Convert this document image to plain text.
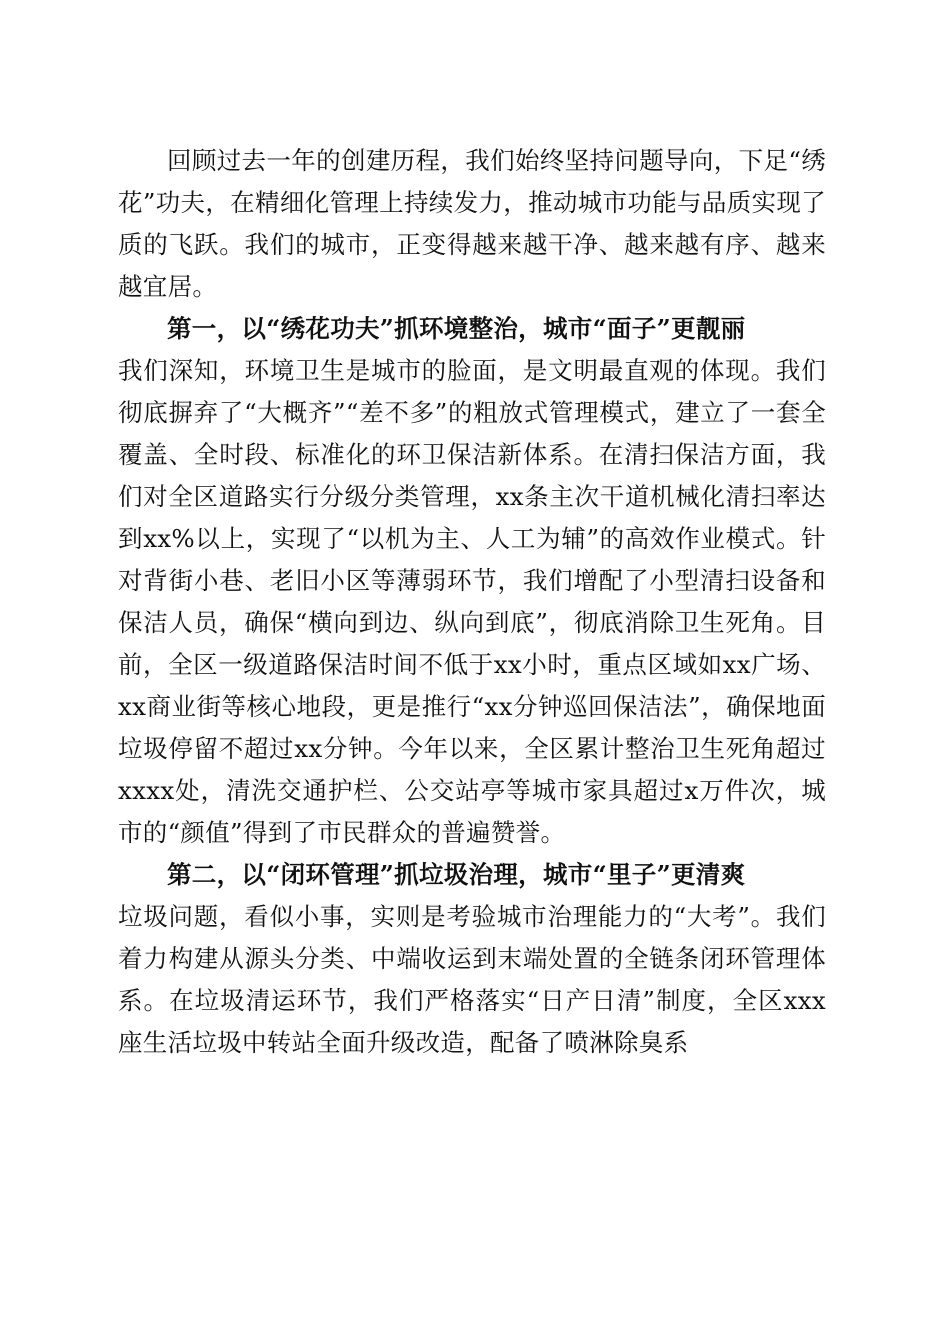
回顾过去一年的创建历程，我们始终坚持问题导向，下足“绣花”功夫，在精细化管理上持续发力，推动城市功能与品质实现了质的飞跃。我们的城市，正变得越来越干净、越来越有序、越来越宜居。

第一，以“绣花功夫”抓环境整治，城市“面子”更靓丽

我们深知，环境卫生是城市的脸面，是文明最直观的体现。我们彻底摒弃了“大概齐”“差不多”的粗放式管理模式，建立了一套全覆盖、全时段、标准化的环卫保洁新体系。在清扫保洁方面，我们对全区道路实行分级分类管理，xx条主次干道机械化清扫率达到xx%以上，实现了“以机为主、人工为辅”的高效作业模式。针对背街小巷、老旧小区等薄弱环节，我们增配了小型清扫设备和保洁人员，确保“横向到边、纵向到底”，彻底消除卫生死角。目前，全区一级道路保洁时间不低于xx小时，重点区域如xx广场、xx商业街等核心地段，更是推行“xx分钟巡回保洁法”，确保地面垃圾停留不超过xx分钟。今年以来，全区累计整治卫生死角超过xxxx处，清洗交通护栏、公交站亭等城市家具超过x万件次，城市的“颜值”得到了市民群众的普遍赞誉。

第二，以“闭环管理”抓垃圾治理，城市“里子”更清爽

垃圾问题，看似小事，实则是考验城市治理能力的“大考”。我们着力构建从源头分类、中端收运到末端处置的全链条闭环管理体系。在垃圾清运环节，我们严格落实“日产日清”制度，全区xxx座生活垃圾中转站全面升级改造，配备了喷淋除臭系
